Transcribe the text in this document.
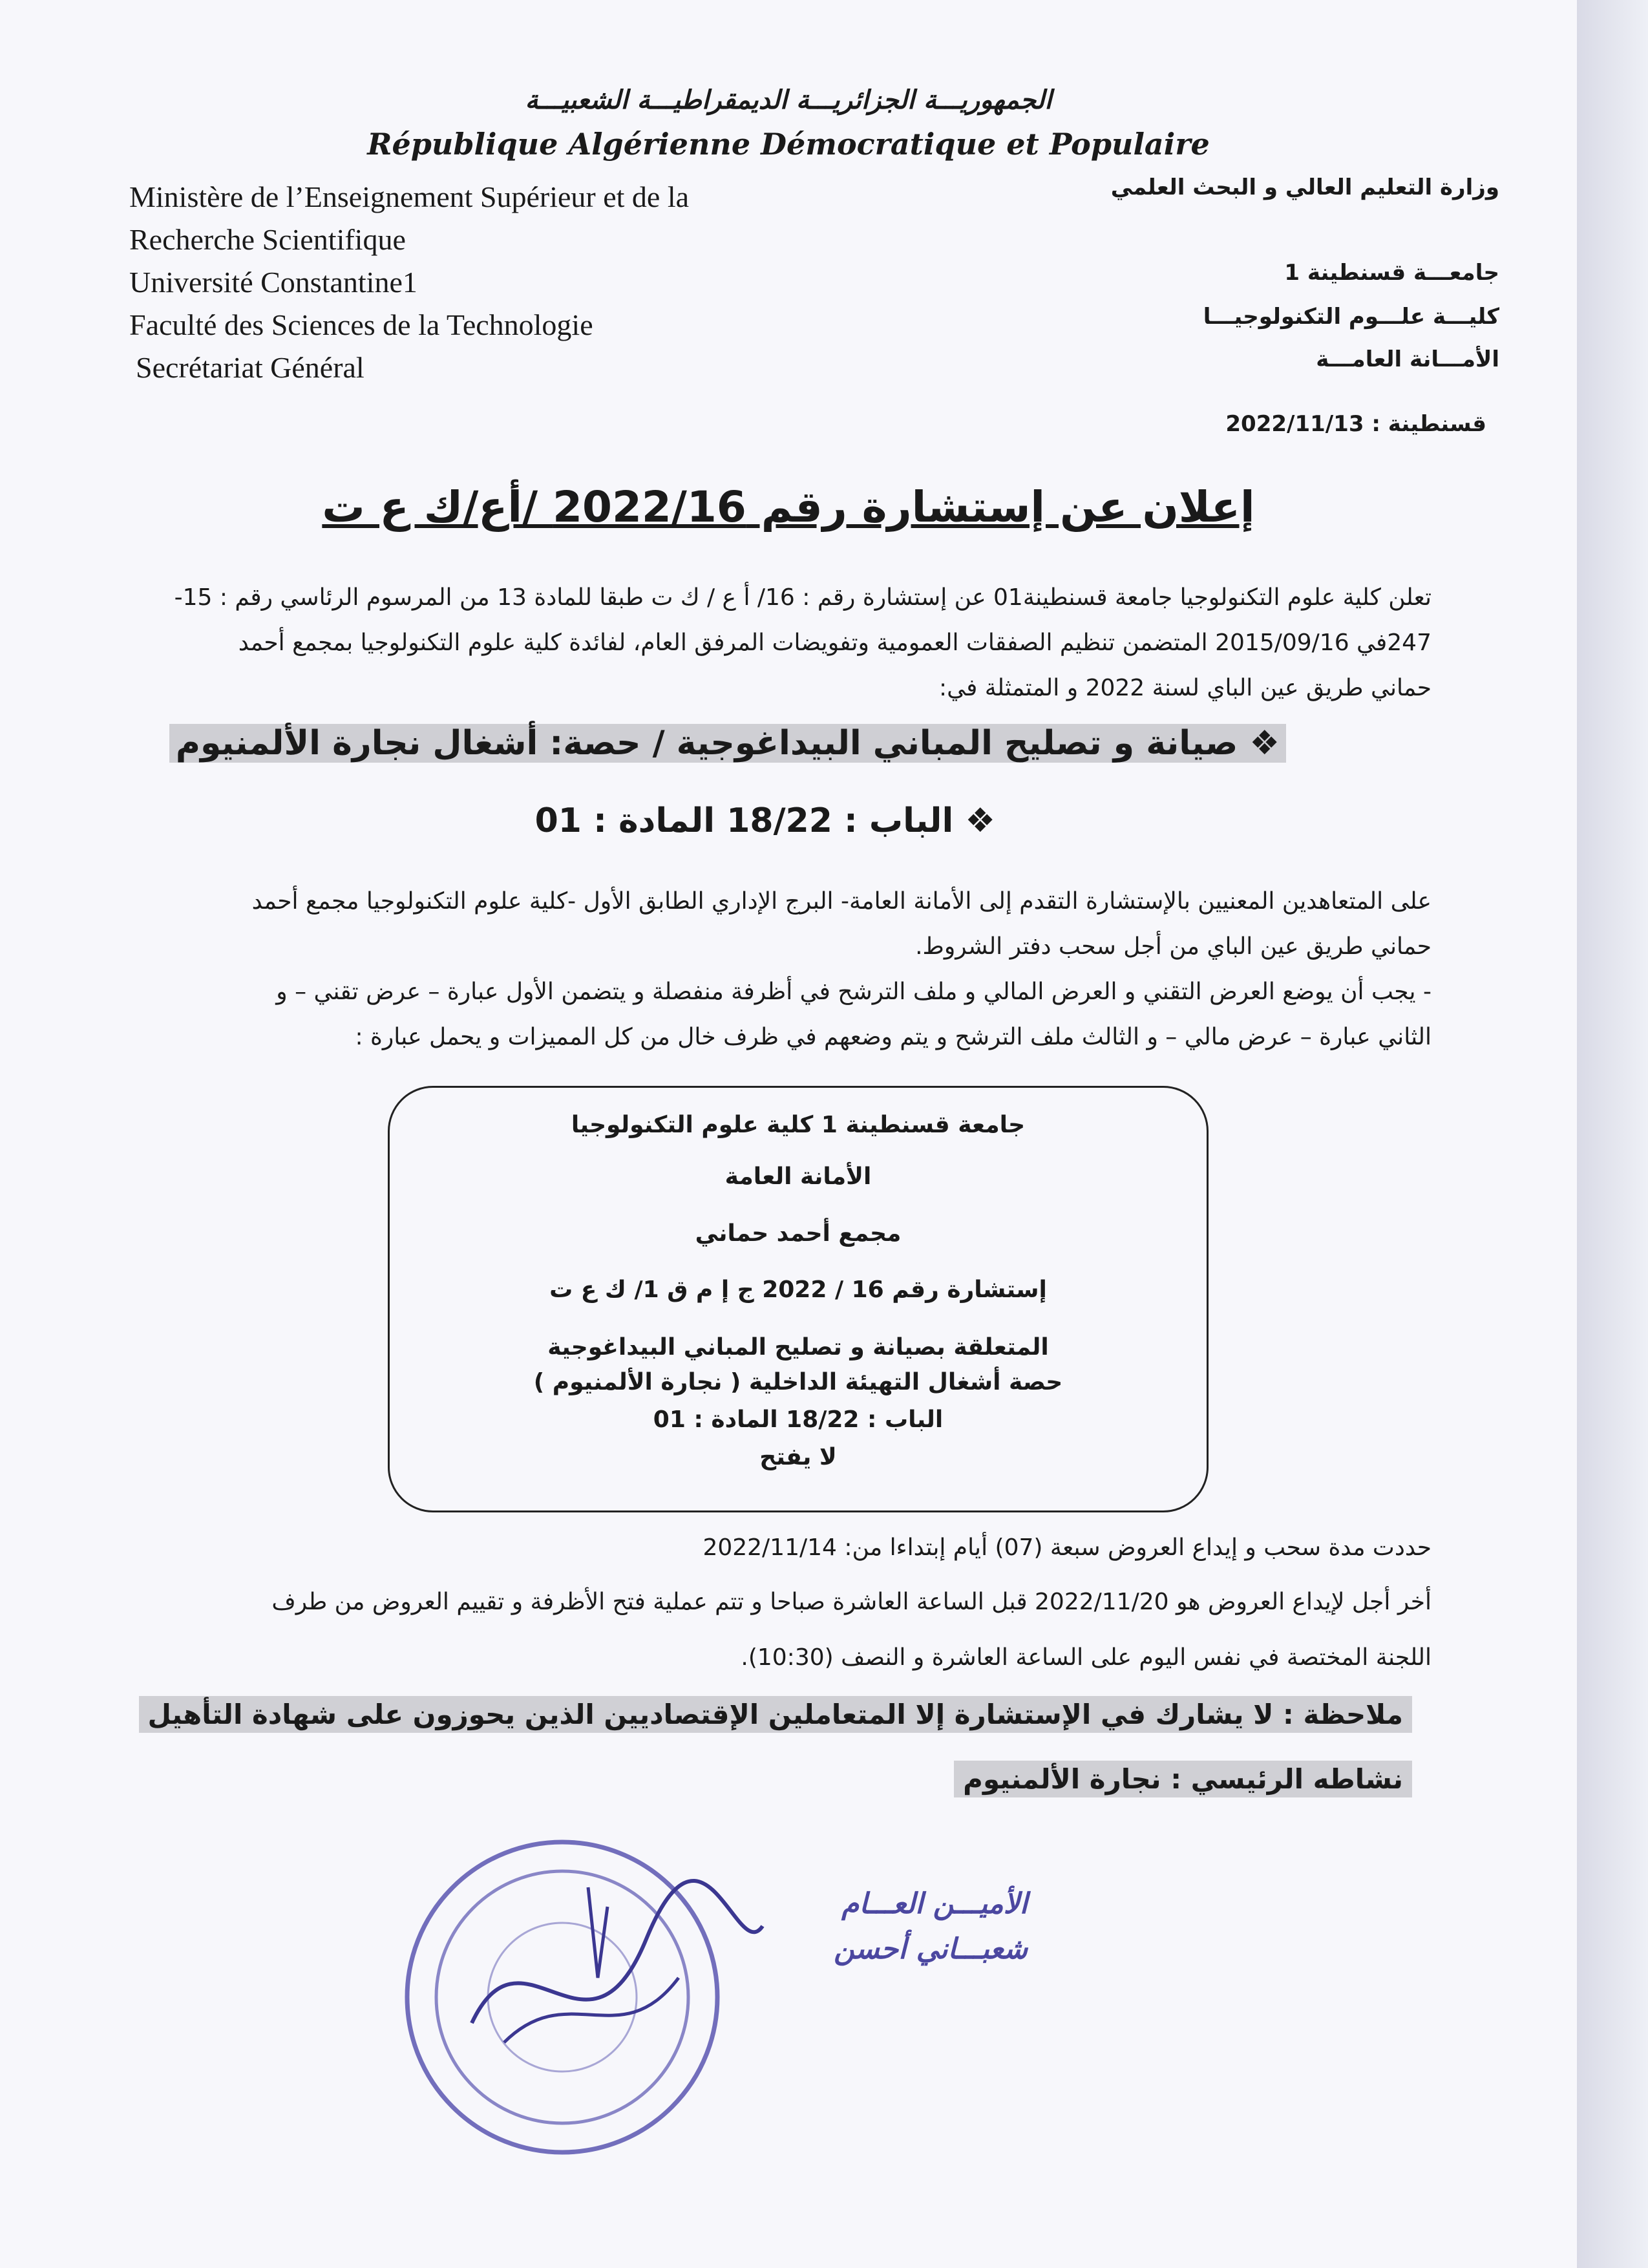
الجمهوريـــة الجزائريـــة الديمقراطيـــة الشعبيـــة
République Algérienne Démocratique et Populaire
Ministère de l’Enseignement Supérieur et de la
Recherche Scientifique
Université Constantine1
Faculté des Sciences de la Technologie
Secrétariat Général
وزارة التعليم العالي و البحث العلمي
جامعـــة قسنطينة 1
كليـــة علـــوم التكنولوجيـــا
الأمـــانة العامـــة
قسنطينة : 2022/11/13
إعلان عن إستشارة رقم 2022/16 /أع/ك ع ت
تعلن كلية علوم التكنولوجيا جامعة قسنطينة01 عن إستشارة رقم : 16/ أ ع / ك ت طبقا للمادة 13 من المرسوم الرئاسي رقم : 15-
247في 2015/09/16 المتضمن تنظيم الصفقات العمومية وتفويضات المرفق العام، لفائدة كلية علوم التكنولوجيا بمجمع أحمد
حماني طريق عين الباي لسنة 2022 و المتمثلة في:
❖ صيانة و تصليح المباني البيداغوجية / حصة: أشغال نجارة الألمنيوم
❖ الباب : 18/22 المادة : 01
على المتعاهدين المعنيين بالإستشارة التقدم إلى الأمانة العامة- البرج الإداري الطابق الأول -كلية علوم التكنولوجيا مجمع أحمد
حماني طريق عين الباي من أجل سحب دفتر الشروط.
- يجب أن يوضع العرض التقني و العرض المالي و ملف الترشح في أظرفة منفصلة و يتضمن الأول عبارة – عرض تقني – و
الثاني عبارة – عرض مالي – و الثالث ملف الترشح و يتم وضعهم في ظرف خال من كل المميزات و يحمل عبارة :
جامعة قسنطينة 1 كلية علوم التكنولوجيا
الأمانة العامة
مجمع أحمد حماني
إستشارة رقم 16 / 2022 ج إ م ق 1/ ك ع ت
المتعلقة بصيانة و تصليح المباني البيداغوجية
حصة أشغال التهيئة الداخلية ( نجارة الألمنيوم )
الباب : 18/22 المادة : 01
لا يفتح
حددت مدة سحب و إيداع العروض سبعة (07) أيام إبتداءا من: 2022/11/14
أخر أجل لإيداع العروض هو 2022/11/20 قبل الساعة العاشرة صباحا و تتم عملية فتح الأظرفة و تقييم العروض من طرف
اللجنة المختصة في نفس اليوم على الساعة العاشرة و النصف (10:30).
ملاحظة : لا يشارك في الإستشارة إلا المتعاملين الإقتصاديين الذين يحوزون على شهادة التأهيل
نشاطه الرئيسي : نجارة الألمنيوم
الأميـــن العـــام
شعبـــاني أحسن
